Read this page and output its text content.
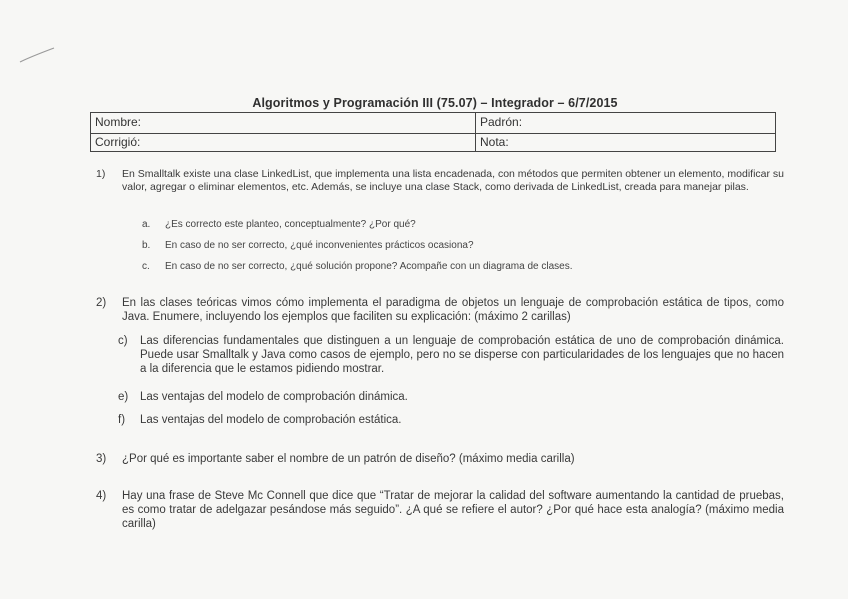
Algoritmos y Programación III (75.07) – Integrador – 6/7/2015
Nombre:	Padrón:
Corrigió:	Nota:
1) En Smalltalk existe una clase LinkedList, que implementa una lista encadenada, con métodos que permiten obtener un elemento, modificar su valor, agregar o eliminar elementos, etc. Además, se incluye una clase Stack, como derivada de LinkedList, creada para manejar pilas.
a. ¿Es correcto este planteo, conceptualmente? ¿Por qué?
b. En caso de no ser correcto, ¿qué inconvenientes prácticos ocasiona?
c. En caso de no ser correcto, ¿qué solución propone? Acompañe con un diagrama de clases.
2) En las clases teóricas vimos cómo implementa el paradigma de objetos un lenguaje de comprobación estática de tipos, como Java. Enumere, incluyendo los ejemplos que faciliten su explicación: (máximo 2 carillas)
c) Las diferencias fundamentales que distinguen a un lenguaje de comprobación estática de uno de comprobación dinámica. Puede usar Smalltalk y Java como casos de ejemplo, pero no se disperse con particularidades de los lenguajes que no hacen a la diferencia que le estamos pidiendo mostrar.
e) Las ventajas del modelo de comprobación dinámica.
f) Las ventajas del modelo de comprobación estática.
3) ¿Por qué es importante saber el nombre de un patrón de diseño? (máximo media carilla)
4) Hay una frase de Steve Mc Connell que dice que “Tratar de mejorar la calidad del software aumentando la cantidad de pruebas, es como tratar de adelgazar pesándose más seguido”. ¿A qué se refiere el autor? ¿Por qué hace esta analogía? (máximo media carilla)
